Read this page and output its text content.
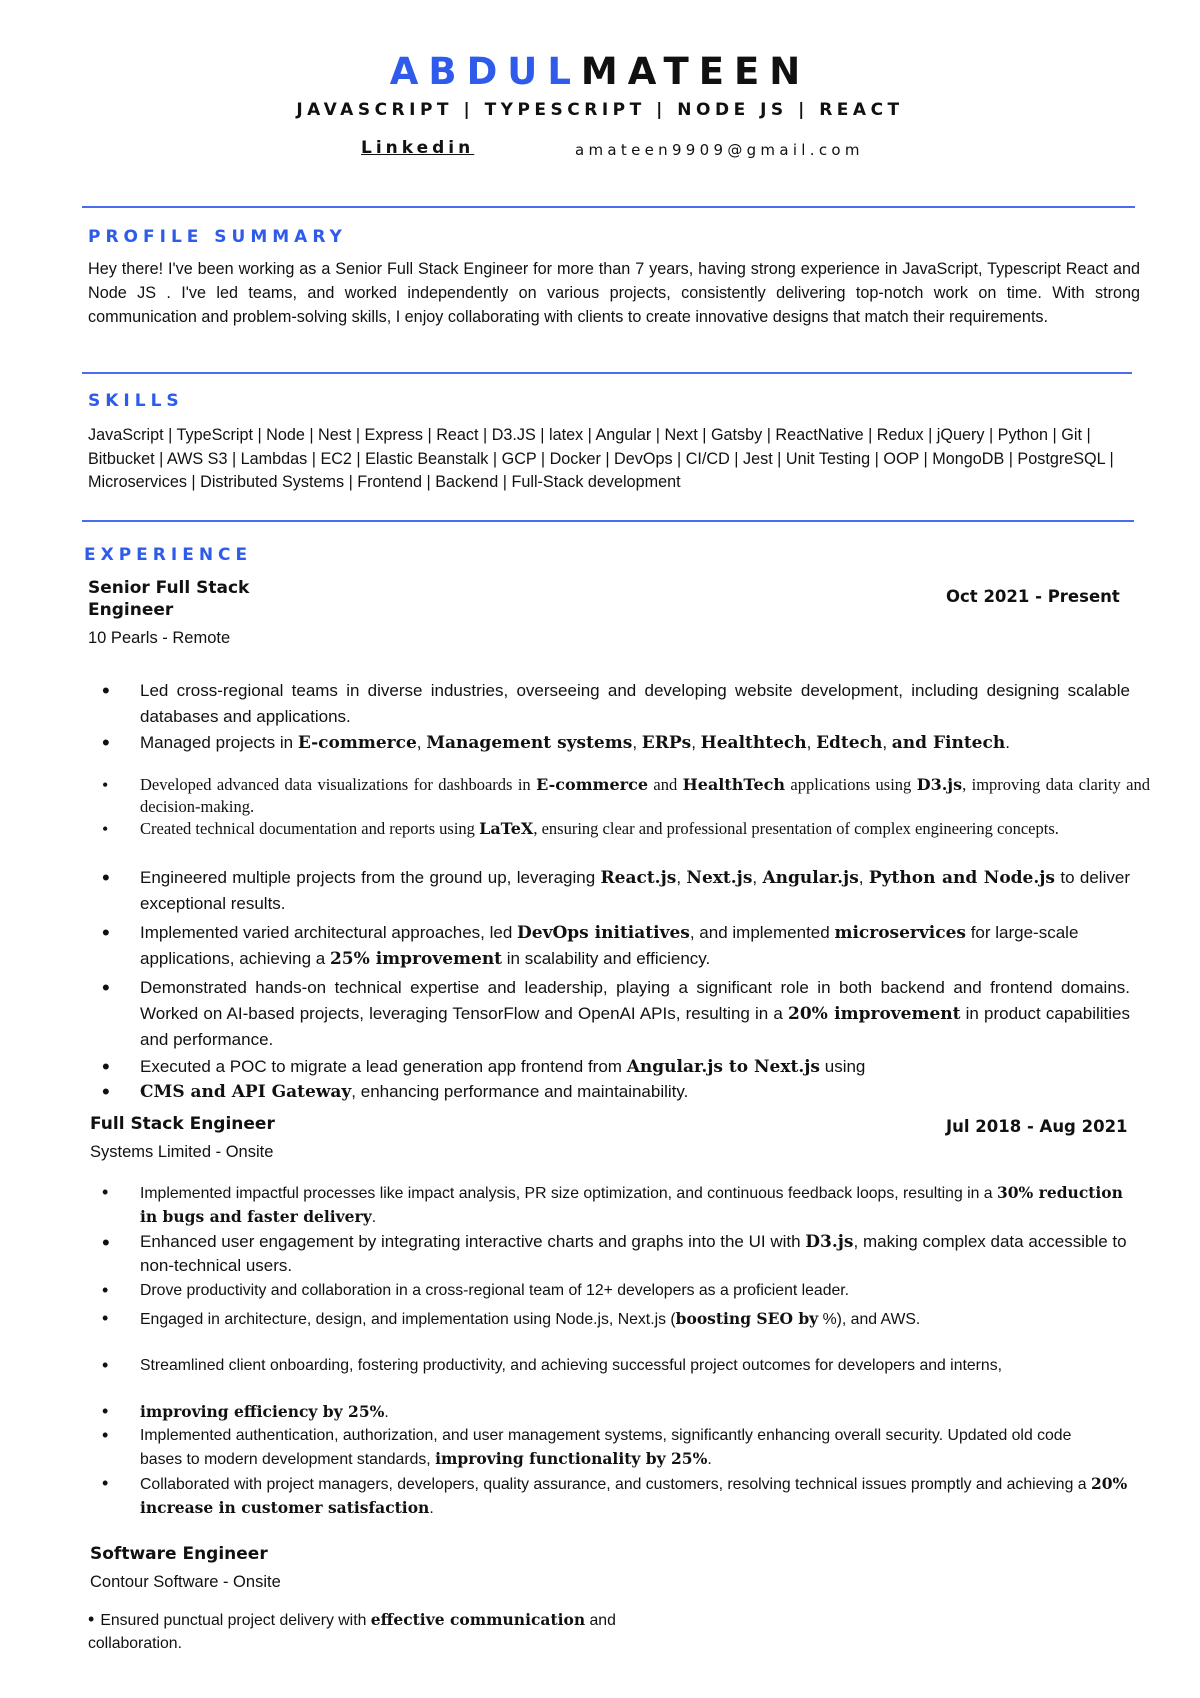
ABDULMATEEN
JAVASCRIPT | TYPESCRIPT | NODE JS | REACT
Linkedin	amateen9909@gmail.com
PROFILE SUMMARY
Hey there! I've been working as a Senior Full Stack Engineer for more than 7 years, having strong experience in JavaScript, Typescript React and Node JS . I've led teams, and worked independently on various projects, consistently delivering top-notch work on time. With strong communication and problem-solving skills, I enjoy collaborating with clients to create innovative designs that match their requirements.
SKILLS
JavaScript | TypeScript | Node | Nest | Express | React | D3.JS | latex | Angular | Next | Gatsby | ReactNative | Redux | jQuery | Python | Git | Bitbucket | AWS S3 | Lambdas | EC2 | Elastic Beanstalk | GCP | Docker | DevOps | CI/CD | Jest | Unit Testing | OOP | MongoDB | PostgreSQL | Microservices | Distributed Systems | Frontend | Backend | Full-Stack development
EXPERIENCE
Senior Full Stack Engineer
Oct 2021 - Present
10 Pearls - Remote
• Led cross-regional teams in diverse industries, overseeing and developing website development, including designing scalable databases and applications.
• Managed projects in E-commerce, Management systems, ERPs, Healthtech, Edtech, and Fintech.
• Developed advanced data visualizations for dashboards in E-commerce and HealthTech applications using D3.js, improving data clarity and decision-making.
• Created technical documentation and reports using LaTeX, ensuring clear and professional presentation of complex engineering concepts.
• Engineered multiple projects from the ground up, leveraging React.js, Next.js, Angular.js, Python and Node.js to deliver exceptional results.
• Implemented varied architectural approaches, led DevOps initiatives, and implemented microservices for large-scale applications, achieving a 25% improvement in scalability and efficiency.
• Demonstrated hands-on technical expertise and leadership, playing a significant role in both backend and frontend domains. Worked on AI-based projects, leveraging TensorFlow and OpenAI APIs, resulting in a 20% improvement in product capabilities and performance.
• Executed a POC to migrate a lead generation app frontend from Angular.js to Next.js using
• CMS and API Gateway, enhancing performance and maintainability.
Full Stack Engineer	Jul 2018 - Aug 2021
Systems Limited - Onsite
• Implemented impactful processes like impact analysis, PR size optimization, and continuous feedback loops, resulting in a 30% reduction in bugs and faster delivery.
• Enhanced user engagement by integrating interactive charts and graphs into the UI with D3.js, making complex data accessible to non-technical users.
• Drove productivity and collaboration in a cross-regional team of 12+ developers as a proficient leader.
• Engaged in architecture, design, and implementation using Node.js, Next.js (boosting SEO by %), and AWS.
• Streamlined client onboarding, fostering productivity, and achieving successful project outcomes for developers and interns,
• improving efficiency by 25%.
• Implemented authentication, authorization, and user management systems, significantly enhancing overall security. Updated old code bases to modern development standards, improving functionality by 25%.
• Collaborated with project managers, developers, quality assurance, and customers, resolving technical issues promptly and achieving a 20% increase in customer satisfaction.
Software Engineer
Contour Software - Onsite
• Ensured punctual project delivery with effective communication and collaboration.
